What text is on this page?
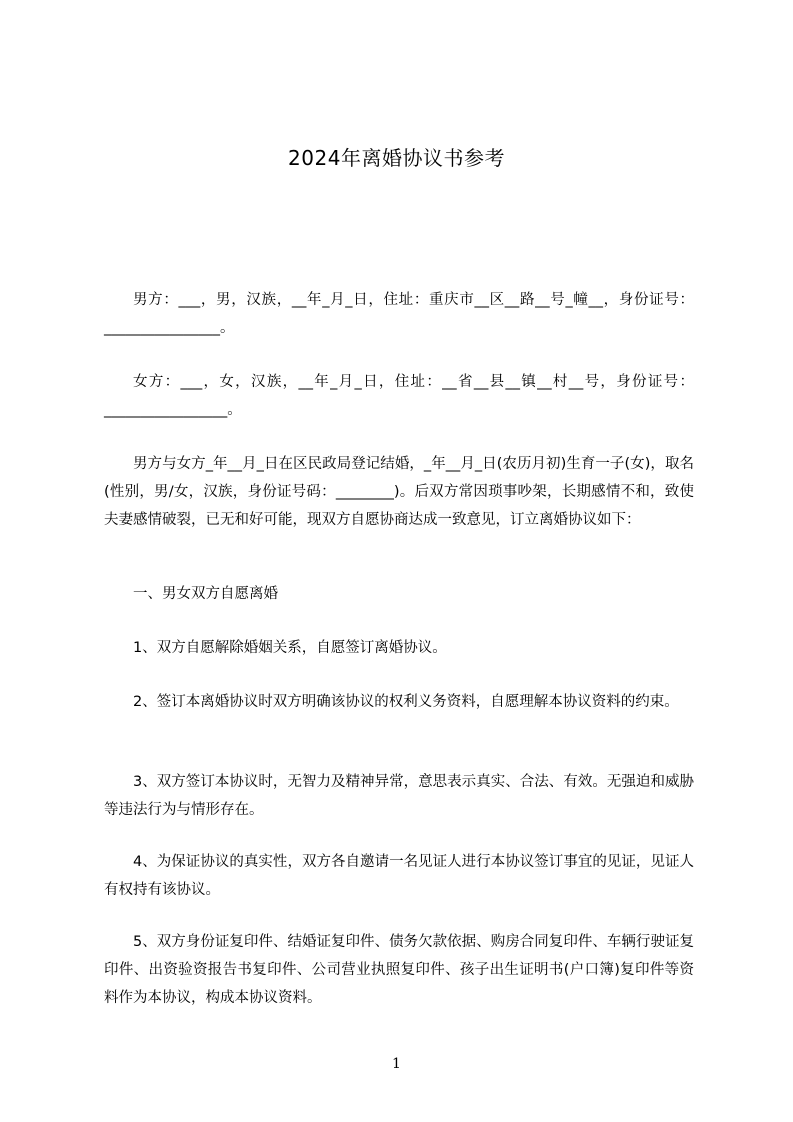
2024年离婚协议书参考

男方：___，男，汉族，__年_月_日，住址：重庆市__区__路__号_幢__，身份证号：________________。

女方：___，女，汉族，__年_月_日，住址：__省__县__镇__村__号，身份证号：_________________。

男方与女方_年__月_日在区民政局登记结婚，_年__月_日(农历月初)生育一子(女)，取名(性别，男/女，汉族，身份证号码：________)。后双方常因琐事吵架，长期感情不和，致使夫妻感情破裂，已无和好可能，现双方自愿协商达成一致意见，订立离婚协议如下：

一、男女双方自愿离婚

1、双方自愿解除婚姻关系，自愿签订离婚协议。

2、签订本离婚协议时双方明确该协议的权利义务资料，自愿理解本协议资料的约束。

3、双方签订本协议时，无智力及精神异常，意思表示真实、合法、有效。无强迫和威胁等违法行为与情形存在。

4、为保证协议的真实性，双方各自邀请一名见证人进行本协议签订事宜的见证，见证人有权持有该协议。

5、双方身份证复印件、结婚证复印件、债务欠款依据、购房合同复印件、车辆行驶证复印件、出资验资报告书复印件、公司营业执照复印件、孩子出生证明书(户口簿)复印件等资料作为本协议，构成本协议资料。

1
